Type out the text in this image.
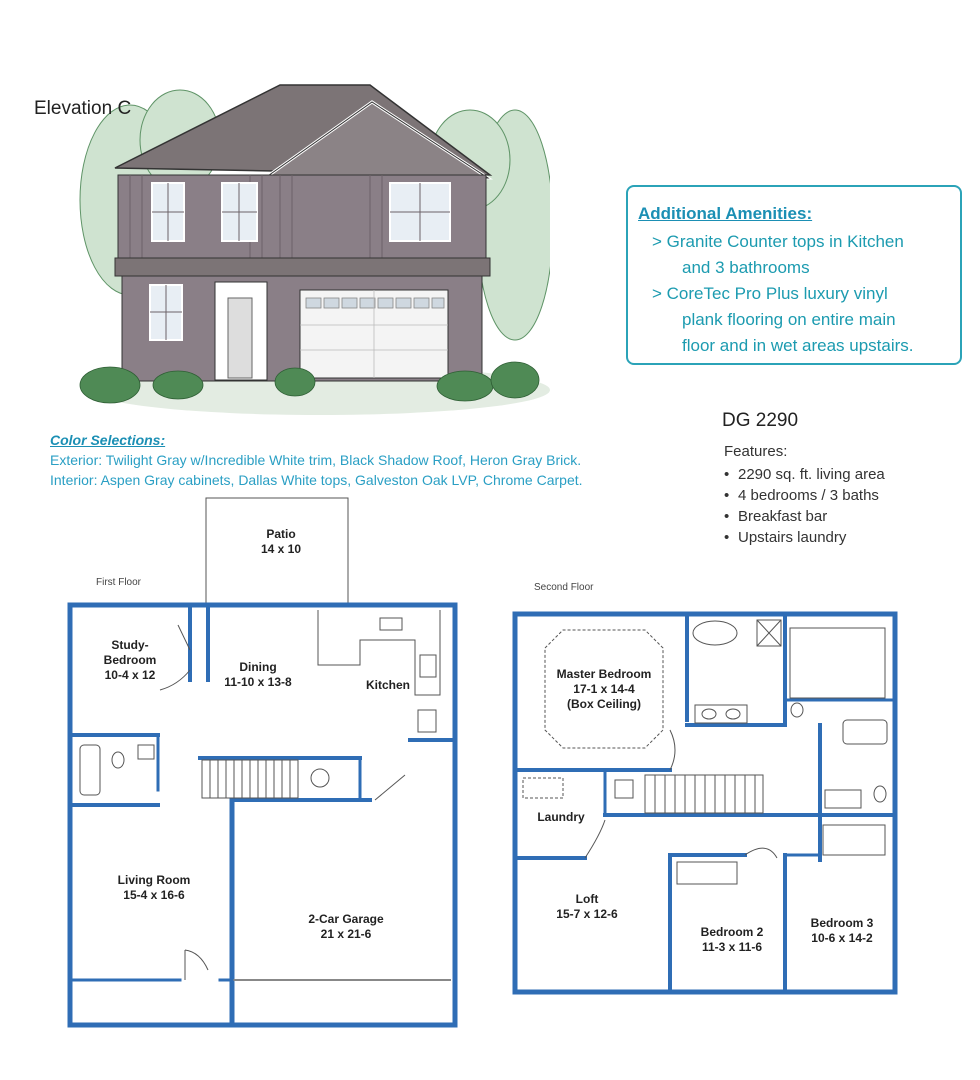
Elevation C
Additional Amenities:
> Granite Counter tops in Kitchen
and 3 bathrooms
> CoreTec Pro Plus luxury vinyl
plank flooring on entire main
floor and in wet areas upstairs.
DG 2290
Features:
• 2290 sq. ft. living area
• 4 bedrooms / 3 baths
• Breakfast bar
• Upstairs laundry
Color Selections:
Exterior: Twilight Gray w/Incredible White trim, Black Shadow Roof, Heron Gray Brick.
Interior: Aspen Gray cabinets, Dallas White tops, Galveston Oak LVP, Chrome Carpet.
First Floor
Patio
14 x 10
Study-
Bedroom
10-4 x 12
Dining
11-10 x 13-8	Kitchen
Living Room
15-4 x 16-6
2-Car Garage
21 x 21-6
Second Floor
Master Bedroom
17-1 x 14-4
(Box Ceiling)
Laundry
Loft
15-7 x 12-6
Bedroom 2
11-3 x 11-6
Bedroom 3
10-6 x 14-2
